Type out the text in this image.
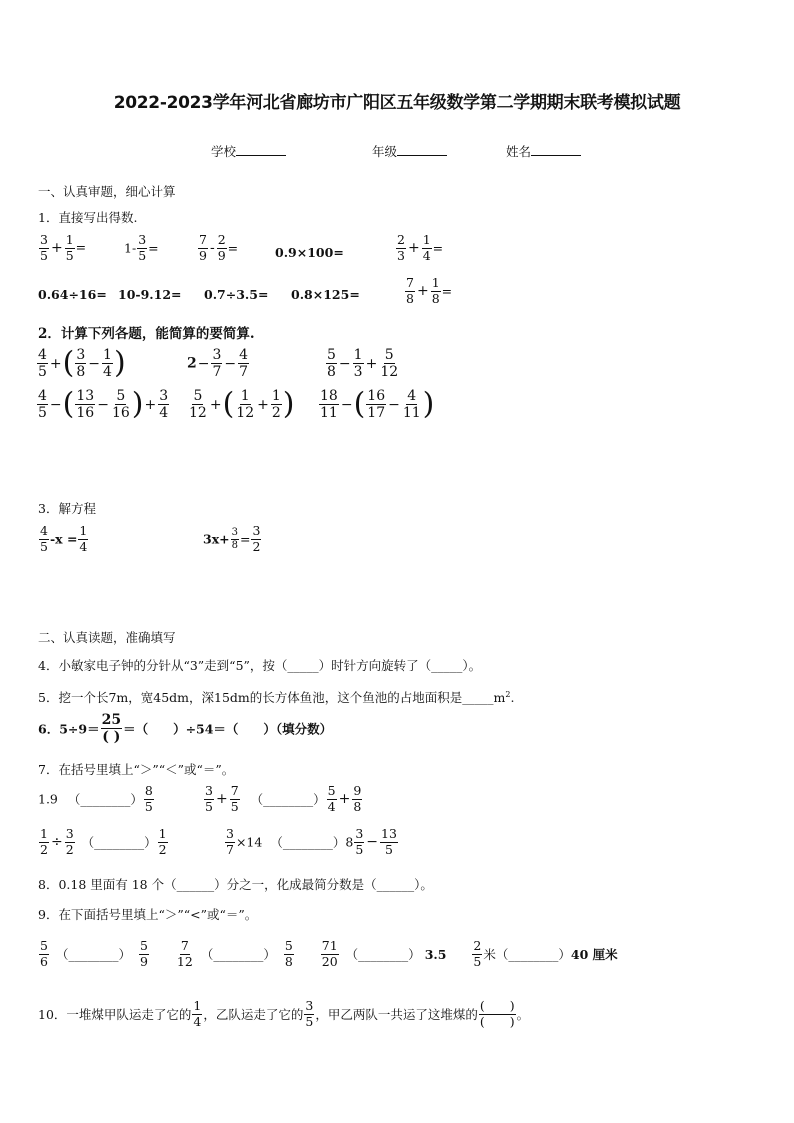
2022-2023学年河北省廊坊市广阳区五年级数学第二学期期末联考模拟试题
学校	年级	姓名
一、认真审题，细心计算
1．直接写出得数.
$\frac{3}{5} + \frac{1}{5}$ =	$1- \frac{3}{5}$ =	$\frac{7}{9} - \frac{2}{9}$ =	0.9×100=	$\frac{2}{3} + \frac{1}{4}$ =
0.64÷16= 10-9.12= 0.7÷3.5= 0.8×125=	$\frac{7}{8} + \frac{1}{8}$ =
2．计算下列各题，能简算的要简算.
$\frac{4}{5}$ +( $\frac{3}{8} - \frac{1}{4}$ )	$2- \frac{3}{7} - \frac{4}{7}$	$\frac{5}{8} - \frac{1}{3} + \frac{5}{12}$
$\frac{4}{5}$ −( $\frac{13}{16} - \frac{5}{16}$ )+ $\frac{3}{4} \frac{5}{12}$ +( $\frac{1}{12} + \frac{1}{2}$ ) $\frac{18}{11}$ −( $\frac{16}{17} - \frac{4}{11}$ )
3．解方程
$\frac{4}{5} -x = \frac{1}{4}$	$3x+ \frac{3}{8} = \frac{3}{2}$
二、认真读题，准确填写
4．小敏家电子钟的分针从“3”走到“5”，按（_____）时针方向旋转了（_____）。
5．挖一个长7m，宽45dm，深15dm的长方体鱼池，这个鱼池的占地面积是$\_\_\_\_\_m^2$.
6．$5\div 9= \frac{25}{( )}$ ＝（　　）÷54＝（　　）（填分数）
7．在括号里填上“＞”“＜”或“＝”。
1.9 （________） $\frac{8}{5}$	$\frac{3}{5} + \frac{7}{5}$ （________） $\frac{5}{4} + \frac{9}{8}$
$\frac{1}{2} \div \frac{3}{2}$ （________） $\frac{1}{2}$	$\frac{3}{7} \times 14$ （________）8 $\frac{3}{5} - \frac{13}{5}$
8．0.18 里面有 18 个（______）分之一，化成最简分数是（______）。
9．在下面括号里填上“＞”“<”或“＝”。
$\frac{5}{6}$ （________） $\frac{5}{9}$
$\frac{7}{12}$ （________） $\frac{5}{8}$
$\frac{71}{20}$ （________） $3.5 \frac{2}{5}$ 米（________）40 厘米
10．一堆煤甲队运走了它的 $\frac{1}{4}$ ，乙队运走了它的 $\frac{3}{5}$ ，甲乙两队一共运了这堆煤的 $\frac{( )}{( )}$ 。
